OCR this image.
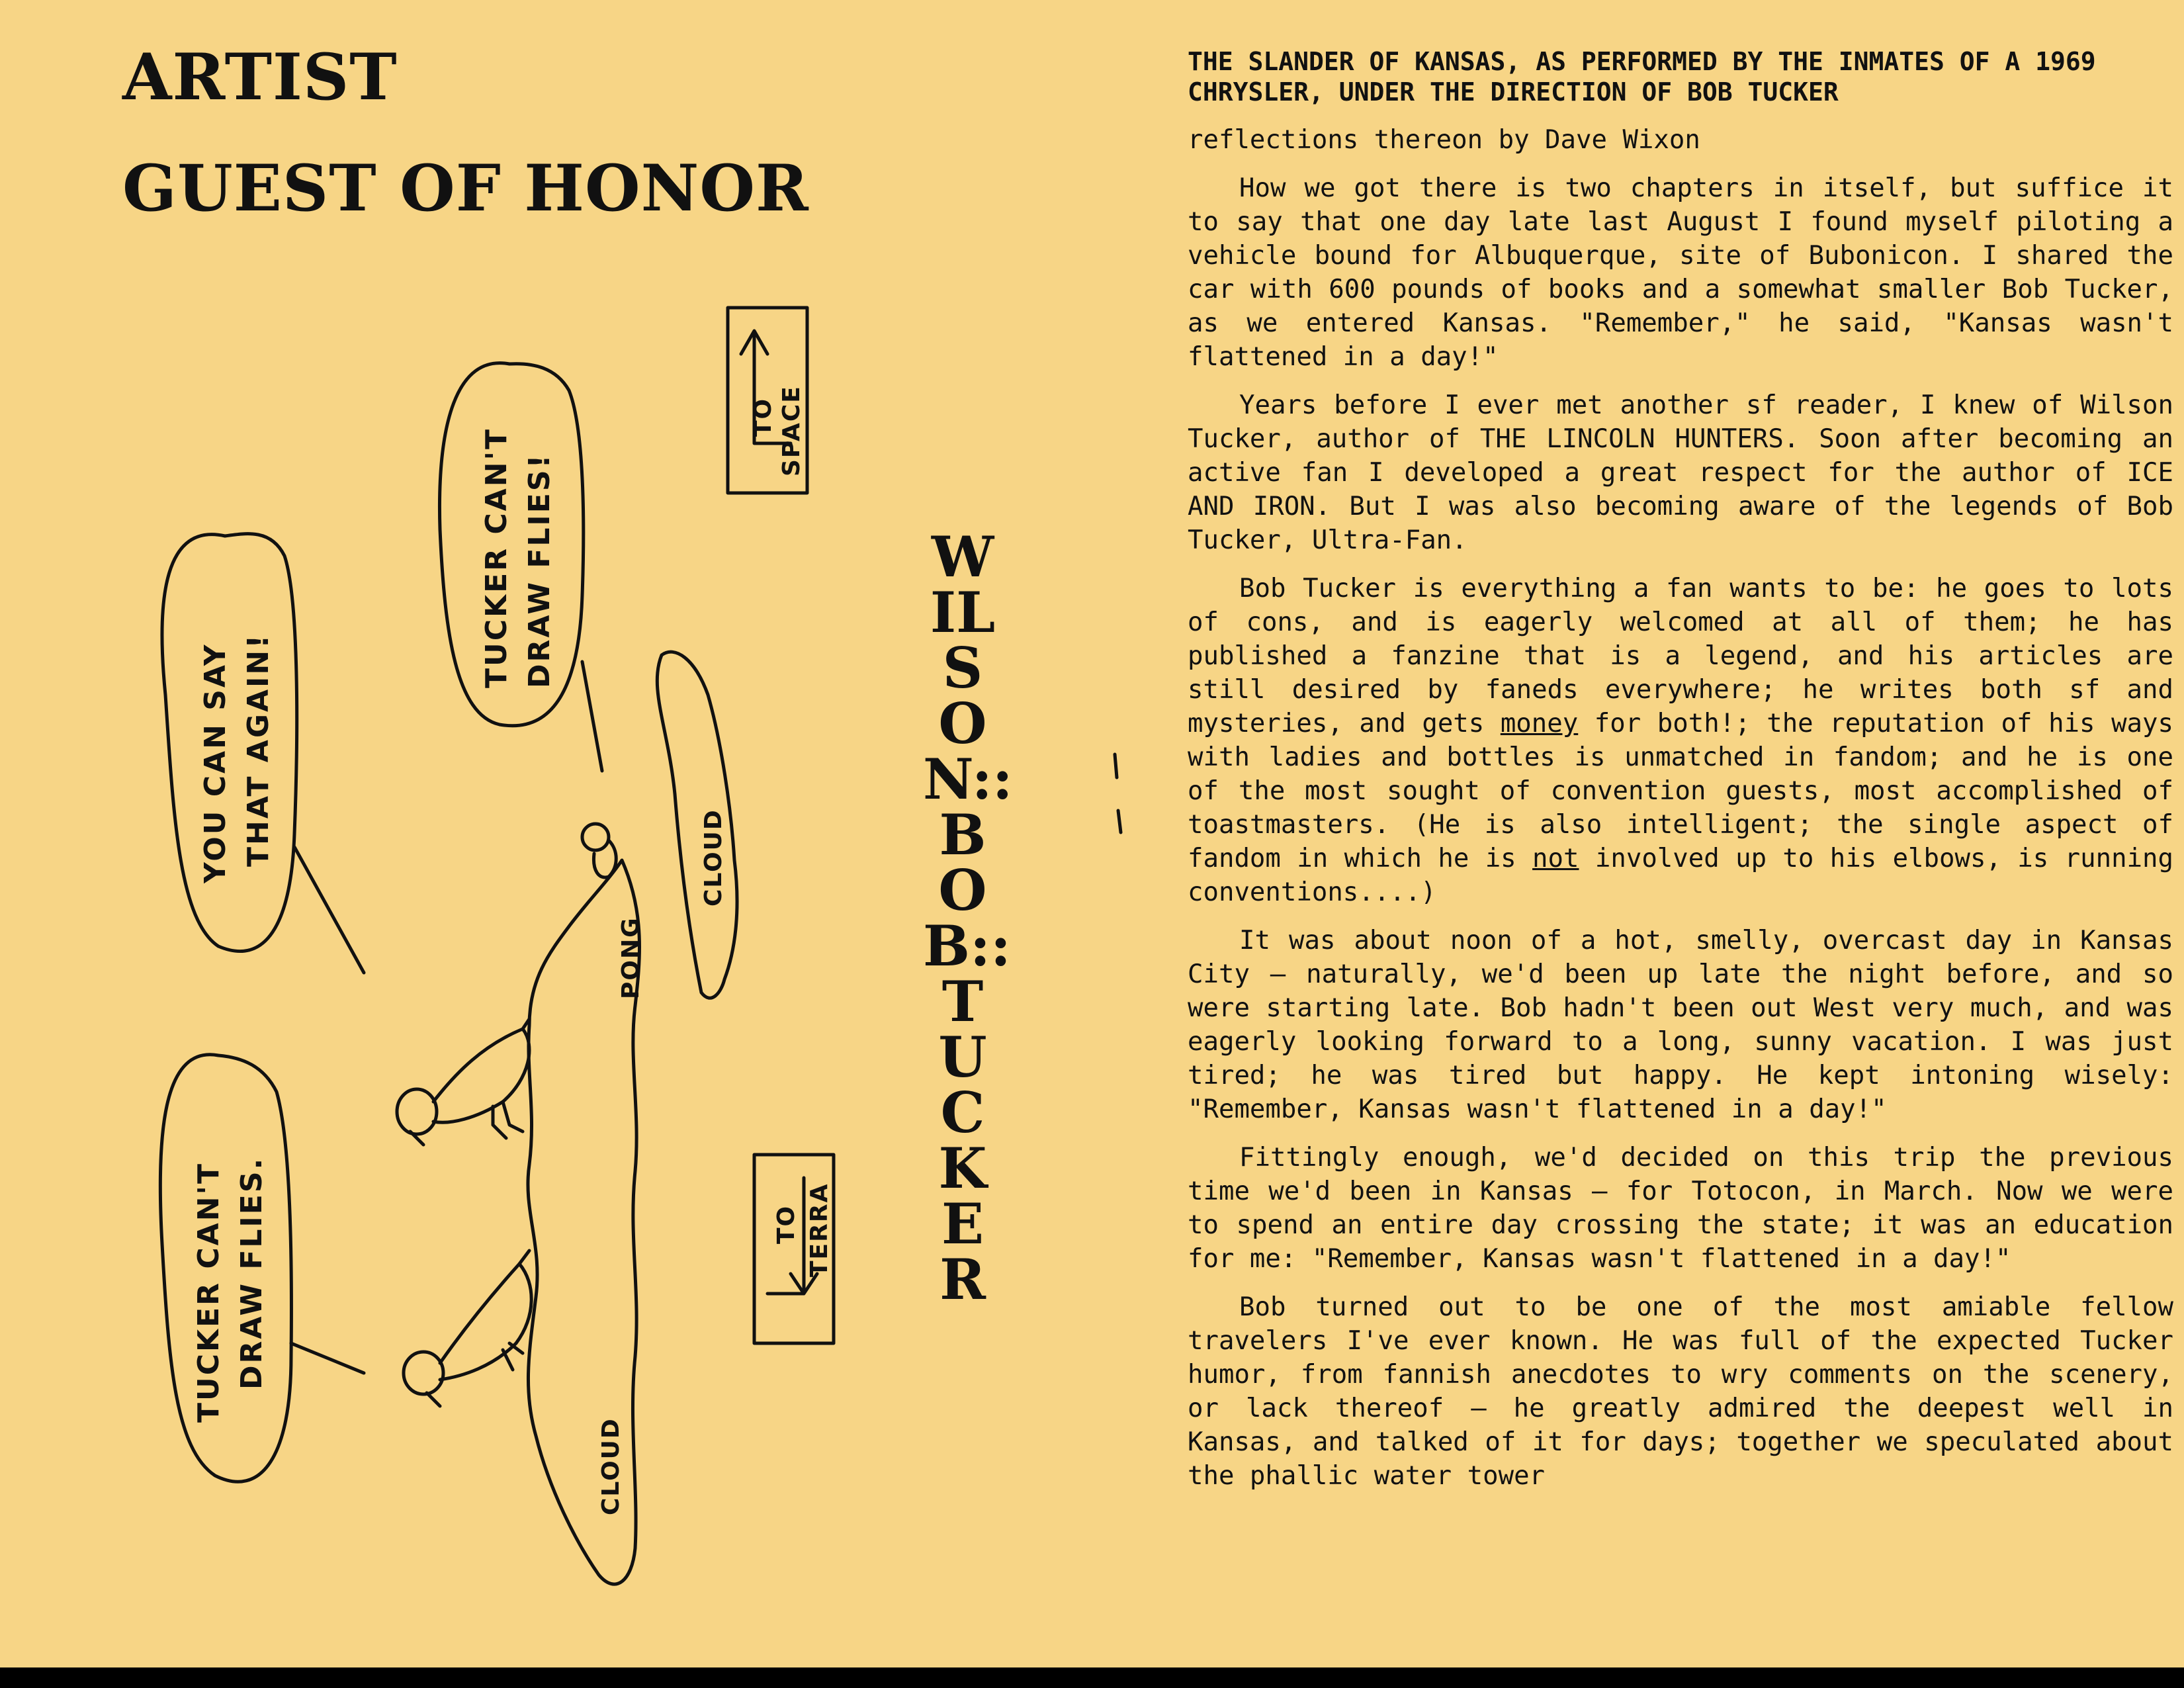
ARTIST
GUEST OF HONOR
YOU CAN SAY THAT AGAIN!
TUCKER CAN'T DRAW FLIES!
TUCKER CAN'T DRAW FLIES.
TO SPACE
TO TERRA
CLOUD
CLOUD
PONG
WILSON::BOB::TUCKER

THE SLANDER OF KANSAS, AS PERFORMED BY THE INMATES OF A 1969 CHRYSLER, UNDER THE DIRECTION OF BOB TUCKER

reflections thereon by Dave Wixon

How we got there is two chapters in itself, but suffice it to say that one day late last August I found myself piloting a vehicle bound for Albuquerque, site of Bubonicon. I shared the car with 600 pounds of books and a somewhat smaller Bob Tucker, as we entered Kansas. "Remember," he said, "Kansas wasn't flattened in a day!"

Years before I ever met another sf reader, I knew of Wilson Tucker, author of THE LINCOLN HUNTERS. Soon after becoming an active fan I developed a great respect for the author of ICE AND IRON. But I was also becoming aware of the legends of Bob Tucker, Ultra-Fan.

Bob Tucker is everything a fan wants to be: he goes to lots of cons, and is eagerly welcomed at all of them; he has published a fanzine that is a legend, and his articles are still desired by faneds everywhere; he writes both sf and mysteries, and gets money for both!; the reputation of his ways with ladies and bottles is unmatched in fandom; and he is one of the most sought of convention guests, most accomplished of toastmasters. (He is also intelligent; the single aspect of fandom in which he is not involved up to his elbows, is running conventions....)

It was about noon of a hot, smelly, overcast day in Kansas City — naturally, we'd been up late the night before, and so were starting late. Bob hadn't been out West very much, and was eagerly looking forward to a long, sunny vacation. I was just tired; he was tired but happy. He kept intoning wisely: "Remember, Kansas wasn't flattened in a day!"

Fittingly enough, we'd decided on this trip the previous time we'd been in Kansas — for Totocon, in March. Now we were to spend an entire day crossing the state; it was an education for me: "Remember, Kansas wasn't flattened in a day!"

Bob turned out to be one of the most amiable fellow travelers I've ever known. He was full of the expected Tucker humor, from fannish anecdotes to wry comments on the scenery, or lack thereof — he greatly admired the deepest well in Kansas, and talked of it for days; together we speculated about the phallic water tower
